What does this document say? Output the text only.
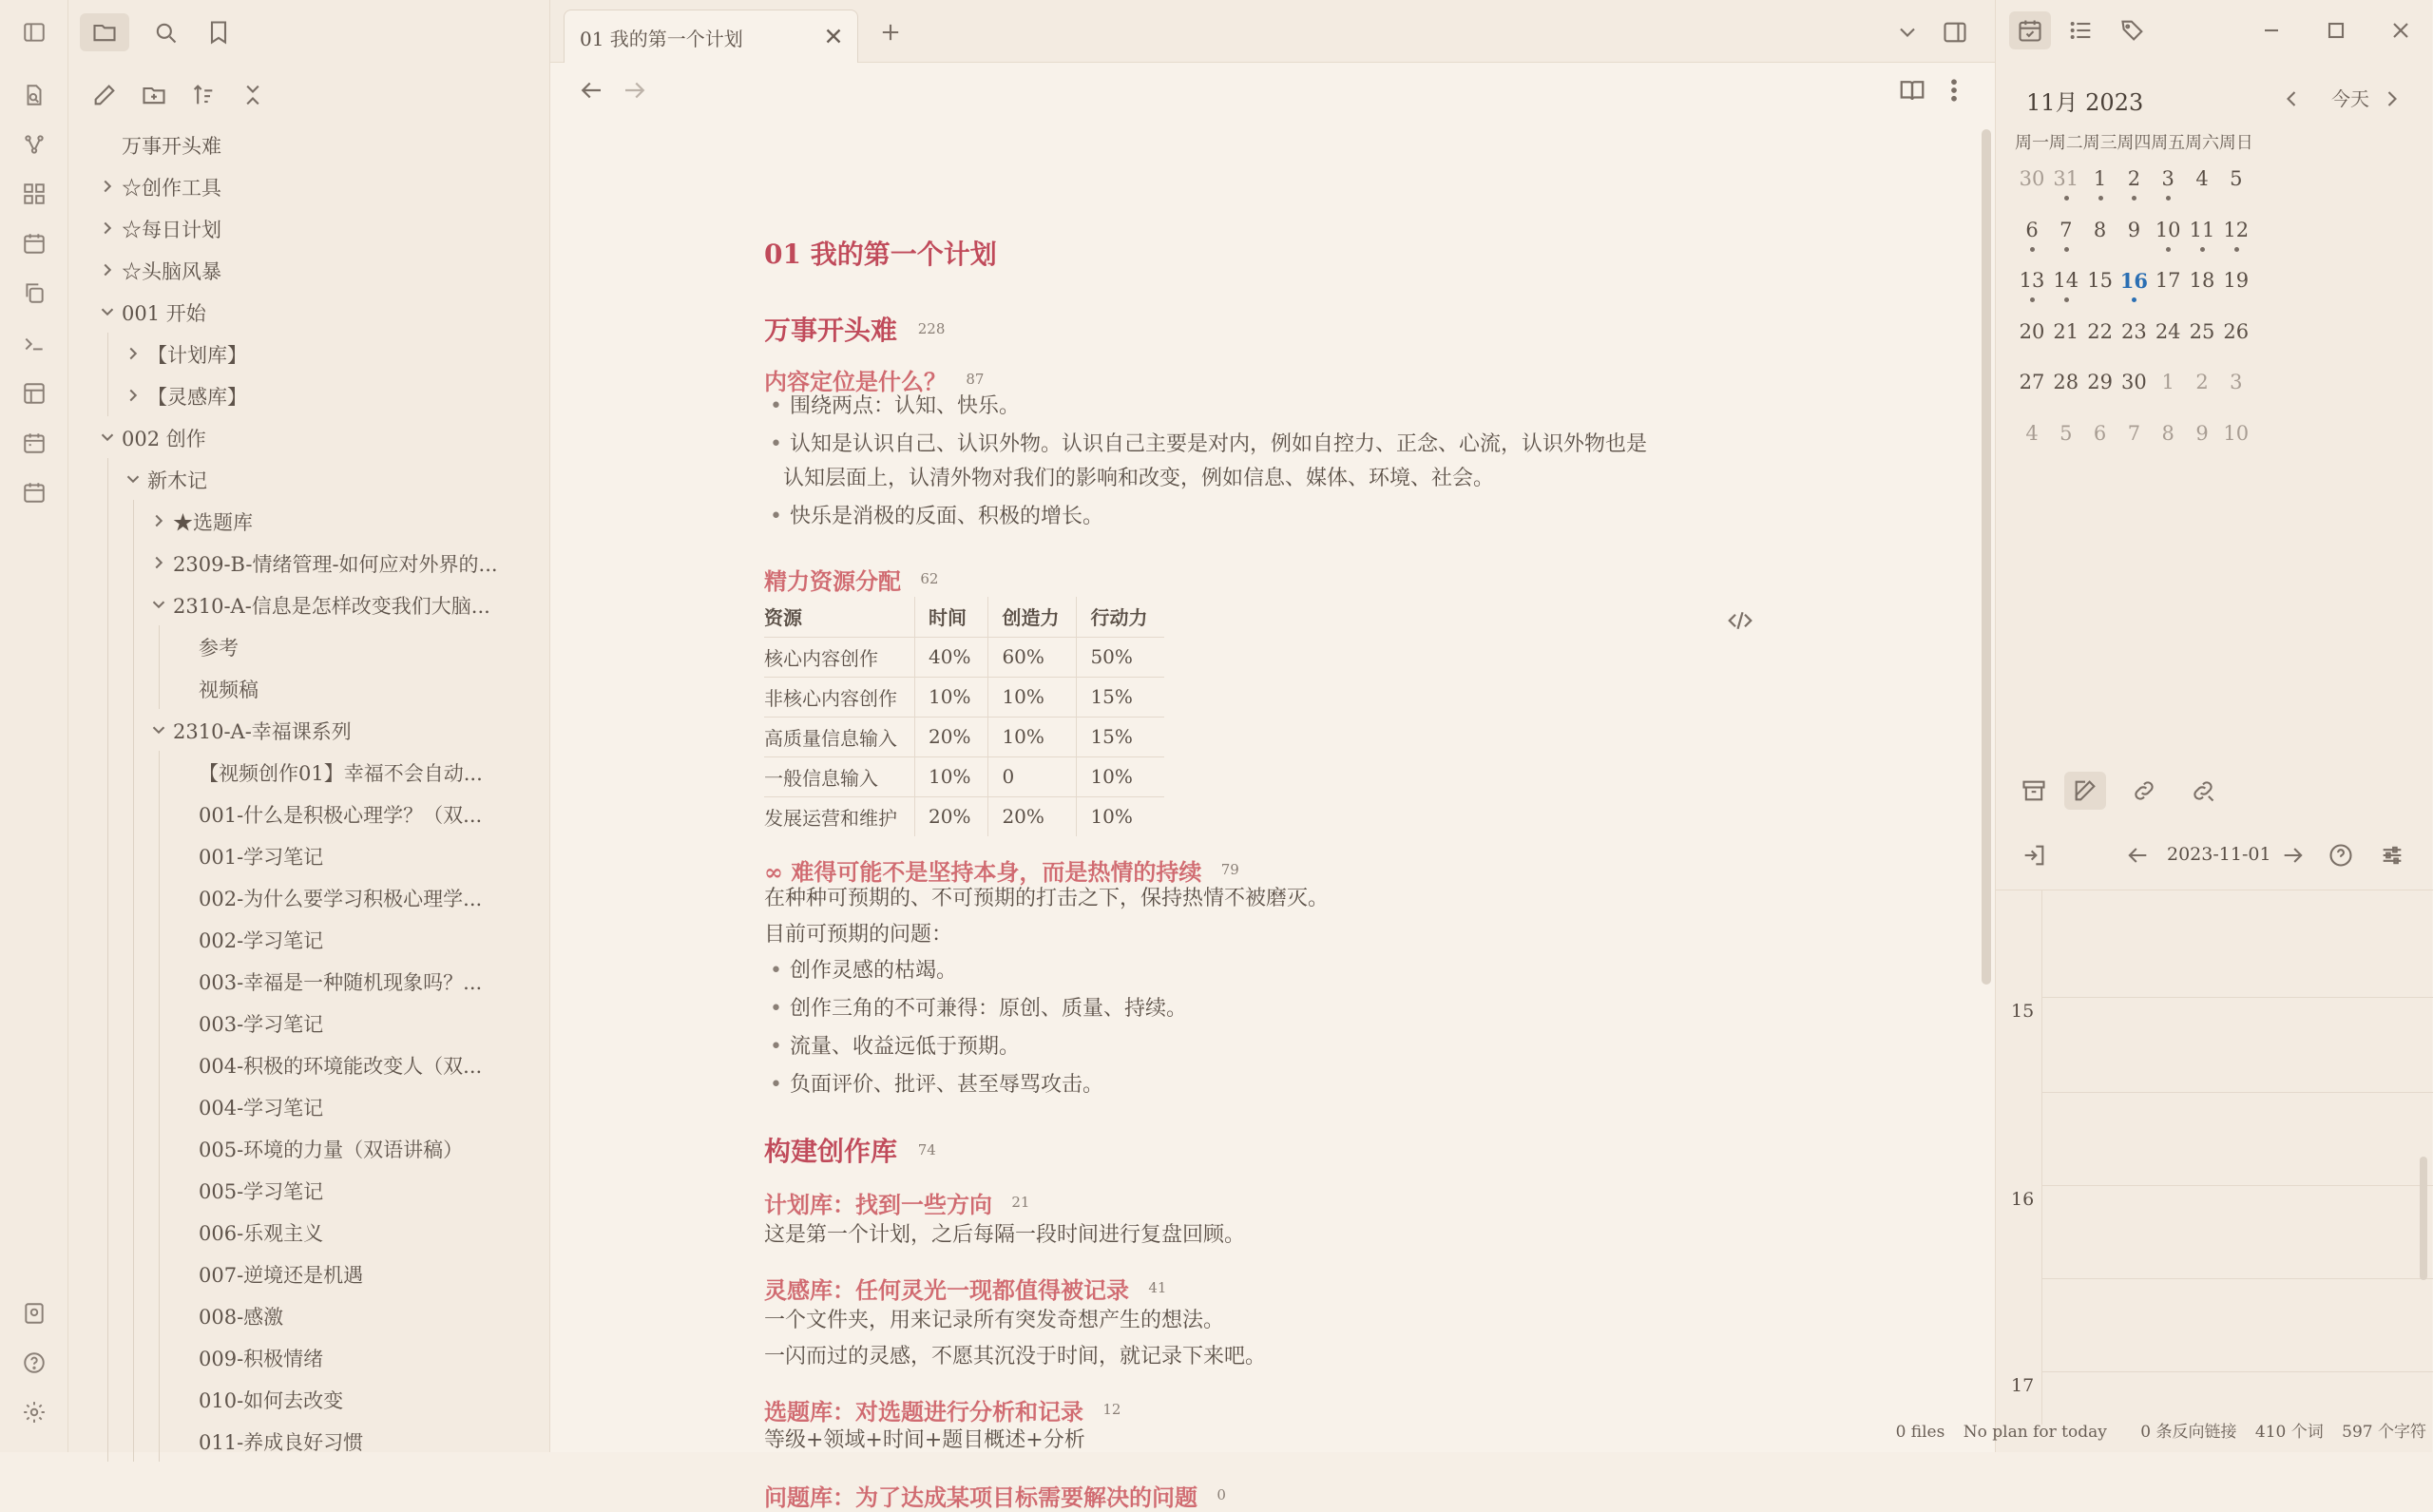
万事开头难
☆创作工具
☆每日计划
☆头脑风暴
001 开始
【计划库】
【灵感库】
002 创作
新木记
★选题库
2309-B-情绪管理-如何应对外界的...
2310-A-信息是怎样改变我们大脑...
参考
视频稿
2310-A-幸福课系列
【视频创作01】幸福不会自动...
001-什么是积极心理学？（双...
001-学习笔记
002-为什么要学习积极心理学...
002-学习笔记
003-幸福是一种随机现象吗？...
003-学习笔记
004-积极的环境能改变人（双...
004-学习笔记
005-环境的力量（双语讲稿）
005-学习笔记
006-乐观主义
007-逆境还是机遇
008-感激
009-积极情绪
010-如何去改变
011-养成良好习惯
01 我的第一个计划
01 我的第一个计划
万事开头难 $^{228}$
内容定位是什么？ $^{87}$
• 围绕两点：认知、快乐。
• 认知是认识自己、认识外物。认识自己主要是对内，例如自控力、正念、心流，认识外物也是
认知层面上，认清外物对我们的影响和改变，例如信息、媒体、环境、社会。
• 快乐是消极的反面、积极的增长。
精力资源分配 $^{62}$
资源	时间	创造力	行动力
核心内容创作	40%	60%	50%
非核心内容创作	10%	10%	15%
高质量信息输入	20%	10%	15%
一般信息输入	10%	0	10%
发展运营和维护	20%	20%	10%
∞ 难得可能不是坚持本身，而是热情的持续 $^{79}$
在种种可预期的、不可预期的打击之下，保持热情不被磨灭。
目前可预期的问题：
• 创作灵感的枯竭。
• 创作三角的不可兼得：原创、质量、持续。
• 流量、收益远低于预期。
• 负面评价、批评、甚至辱骂攻击。
构建创作库 $^{74}$
计划库：找到一些方向 $^{21}$
这是第一个计划，之后每隔一段时间进行复盘回顾。
灵感库：任何灵光一现都值得被记录 $^{41}$
一个文件夹，用来记录所有突发奇想产生的想法。
一闪而过的灵感，不愿其沉没于时间，就记录下来吧。
选题库：对选题进行分析和记录 $^{12}$
等级+领域+时间+题目概述+分析
问题库：为了达成某项目标需要解决的问题 $^0$
11月 2023	今天
周一 周二 周三 周四 周五 周六 周日
30 31 1	2	3	4	5
6	7	8	9 10 11 12
13 14 15 16 17 18 19
20 21 22 23 24 25 26
27 28 29 30 1	2	3
4	5	6	7	8	9 10
2023-11-01
15
16
17
0 files No plan for today 0 条反向链接 410 个词 597 个字符
